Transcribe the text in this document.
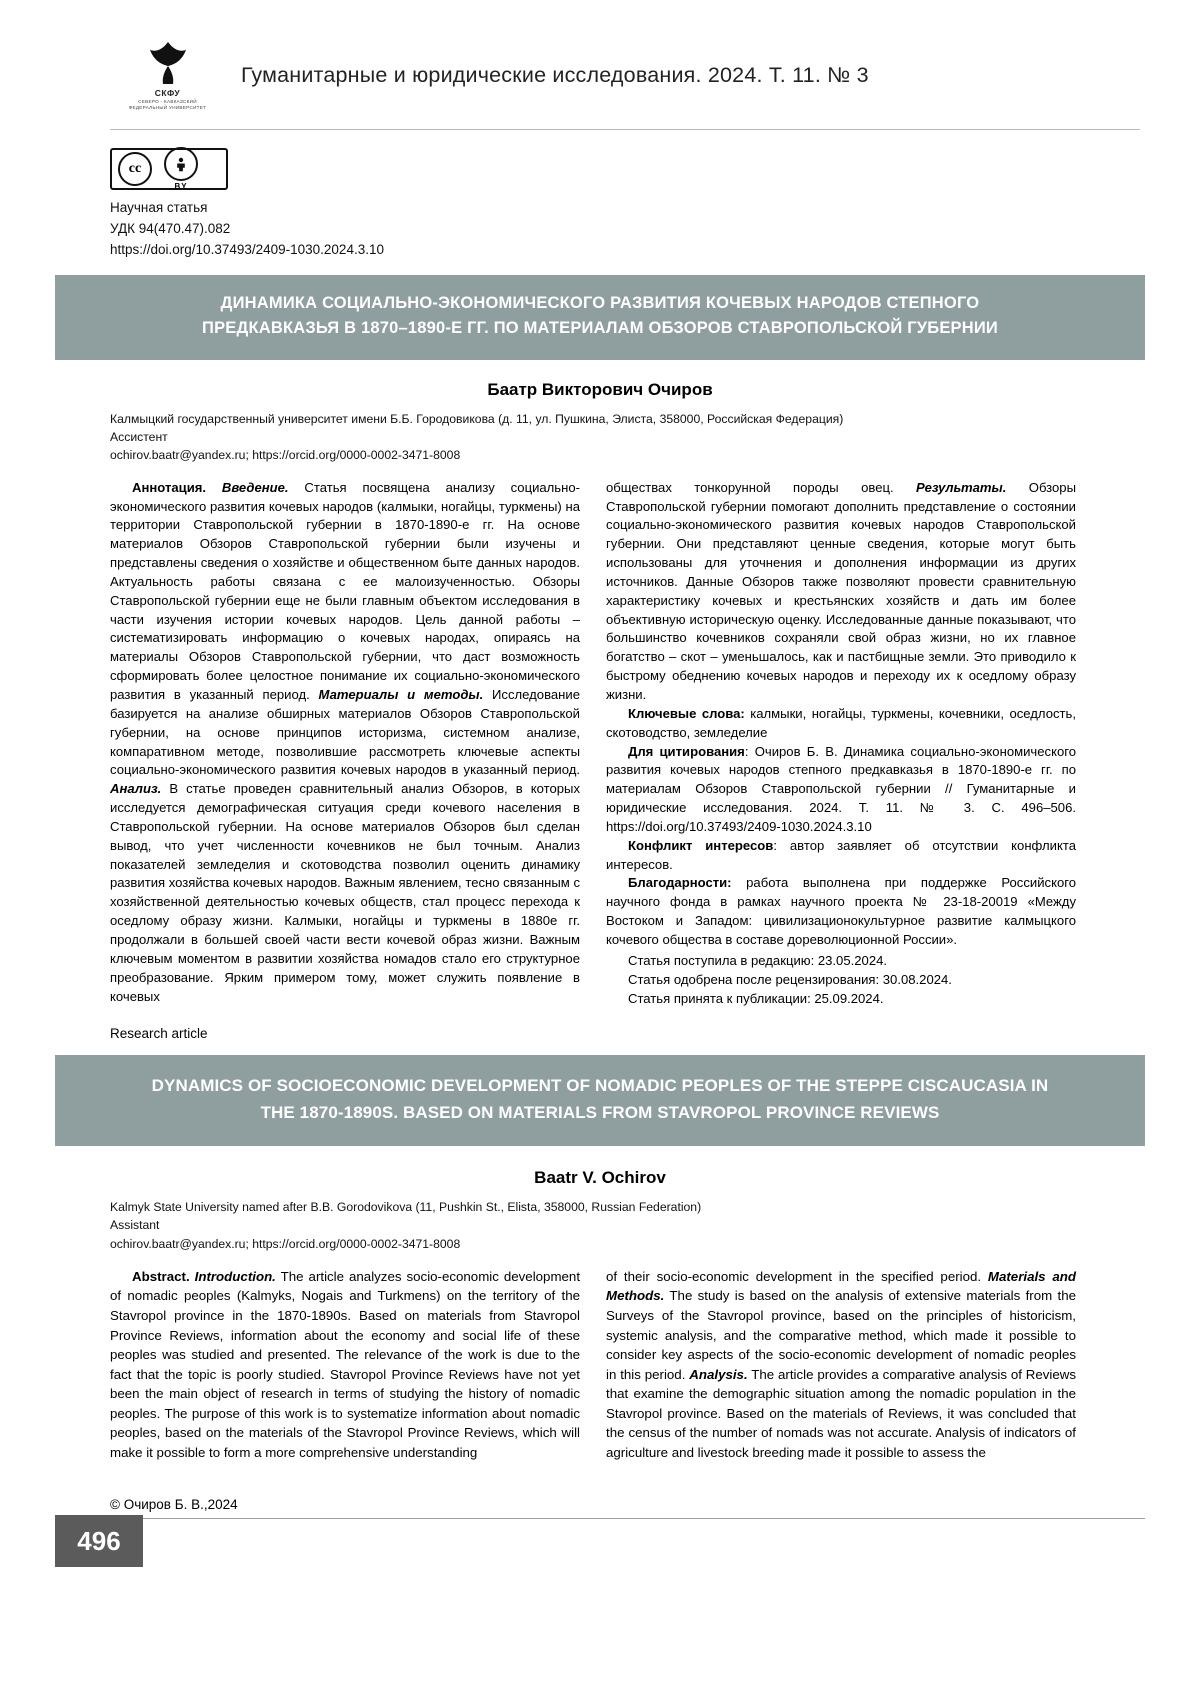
СКФУ
СЕВЕРО - КАВКАЗСКИЙ
ФЕДЕРАЛЬНЫЙ УНИВЕРСИТЕТ
Гуманитарные и юридические исследования. 2024. Т. 11. № 3
cc
BY
Научная статья
УДК 94(470.47).082
https://doi.org/10.37493/2409-1030.2024.3.10
ДИНАМИКА СОЦИАЛЬНО-ЭКОНОМИЧЕСКОГО РАЗВИТИЯ КОЧЕВЫХ НАРОДОВ СТЕПНОГО ПРЕДКАВКАЗЬЯ В 1870–1890-Е ГГ. ПО МАТЕРИАЛАМ ОБЗОРОВ СТАВРОПОЛЬСКОЙ ГУБЕРНИИ
Баатр Викторович Очиров
Калмыцкий государственный университет имени Б.Б. Городовикова (д. 11, ул. Пушкина, Элиста, 358000, Российская Федерация)
Ассистент
ochirov.baatr@yandex.ru; https://orcid.org/0000-0002-3471-8008

Аннотация. Введение. Статья посвящена анализу социально-экономического развития кочевых народов (калмыки, ногайцы, туркмены) на территории Ставропольской губернии в 1870-1890-е гг. На основе материалов Обзоров Ставропольской губернии были изучены и представлены сведения о хозяйстве и общественном быте данных народов. Актуальность работы связана с ее малоизученностью. Обзоры Ставропольской губернии еще не были главным объектом исследования в части изучения истории кочевых народов. Цель данной работы – систематизировать информацию о кочевых народах, опираясь на материалы Обзоров Ставропольской губернии, что даст возможность сформировать более целостное понимание их социально-экономического развития в указанный период. Материалы и методы. Исследование базируется на анализе обширных материалов Обзоров Ставропольской губернии, на основе принципов историзма, системном анализе, компаративном методе, позволившие рассмотреть ключевые аспекты социально-экономического развития кочевых народов в указанный период. Анализ. В статье проведен сравнительный анализ Обзоров, в которых исследуется демографическая ситуация среди кочевого населения в Ставропольской губернии. На основе материалов Обзоров был сделан вывод, что учет численности кочевников не был точным. Анализ показателей земледелия и скотоводства позволил оценить динамику развития хозяйства кочевых народов. Важным явлением, тесно связанным с хозяйственной деятельностью кочевых обществ, стал процесс перехода к оседлому образу жизни. Калмыки, ногайцы и туркмены в 1880е гг. продолжали в большей своей части вести кочевой образ жизни. Важным ключевым моментом в развитии хозяйства номадов стало его структурное преобразование. Ярким примером тому, может служить появление в кочевых

обществах тонкорунной породы овец. Результаты. Обзоры Ставропольской губернии помогают дополнить представление о состоянии социально-экономического развития кочевых народов Ставропольской губернии. Они представляют ценные сведения, которые могут быть использованы для уточнения и дополнения информации из других источников. Данные Обзоров также позволяют провести сравнительную характеристику кочевых и крестьянских хозяйств и дать им более объективную историческую оценку. Исследованные данные показывают, что большинство кочевников сохраняли свой образ жизни, но их главное богатство – скот – уменьшалось, как и пастбищные земли. Это приводило к быстрому обеднению кочевых народов и переходу их к оседлому образу жизни.

Ключевые слова: калмыки, ногайцы, туркмены, кочевники, оседлость, скотоводство, земледелие

Для цитирования: Очиров Б. В. Динамика социально-экономического развития кочевых народов степного предкавказья в 1870-1890-е гг. по материалам Обзоров Ставропольской губернии // Гуманитарные и юридические исследования. 2024. Т. 11. № 3. С. 496–506. https://doi.org/10.37493/2409-1030.2024.3.10

Конфликт интересов: автор заявляет об отсутствии конфликта интересов.

Благодарности: работа выполнена при поддержке Российского научного фонда в рамках научного проекта № 23-18-20019 «Между Востоком и Западом: цивилизационокультурное развитие калмыцкого кочевого общества в составе дореволюционной России».

Статья поступила в редакцию: 23.05.2024.
Статья одобрена после рецензирования: 30.08.2024.
Статья принята к публикации: 25.09.2024.
Research article
DYNAMICS OF SOCIOECONOMIC DEVELOPMENT OF NOMADIC PEOPLES OF THE STEPPE CISCAUCASIA IN THE 1870-1890S. BASED ON MATERIALS FROM STAVROPOL PROVINCE REVIEWS
Baatr V. Ochirov
Kalmyk State University named after B.B. Gorodovikova (11, Pushkin St., Elista, 358000, Russian Federation)
Assistant
ochirov.baatr@yandex.ru; https://orcid.org/0000-0002-3471-8008

Abstract. Introduction. The article analyzes socio-economic development of nomadic peoples (Kalmyks, Nogais and Turkmens) on the territory of the Stavropol province in the 1870-1890s. Based on materials from Stavropol Province Reviews, information about the economy and social life of these peoples was studied and presented. The relevance of the work is due to the fact that the topic is poorly studied. Stavropol Province Reviews have not yet been the main object of research in terms of studying the history of nomadic peoples. The purpose of this work is to systematize information about nomadic peoples, based on the materials of the Stavropol Province Reviews, which will make it possible to form a more comprehensive understanding

of their socio-economic development in the specified period. Materials and Methods. The study is based on the analysis of extensive materials from the Surveys of the Stavropol province, based on the principles of historicism, systemic analysis, and the comparative method, which made it possible to consider key aspects of the socio-economic development of nomadic peoples in this period. Analysis. The article provides a comparative analysis of Reviews that examine the demographic situation among the nomadic population in the Stavropol province. Based on the materials of Reviews, it was concluded that the census of the number of nomads was not accurate. Analysis of indicators of agriculture and livestock breeding made it possible to assess the

© Очиров Б. В.,2024
496
